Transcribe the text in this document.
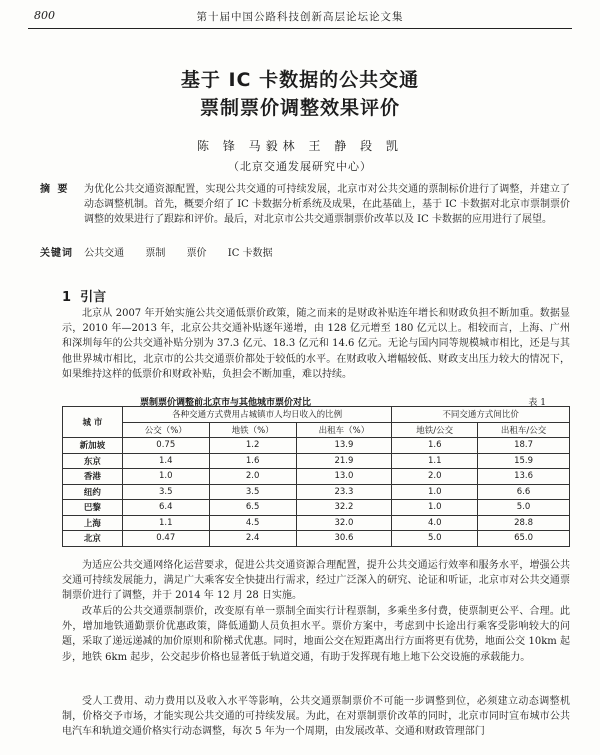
800	第十届中国公路科技创新高层论坛论文集
基于 IC 卡数据的公共交通
票制票价调整效果评价
陈 锋 马毅林 王 静 段 凯
（北京交通发展研究中心）
摘 要 为优化公共交通资源配置，实现公共交通的可持续发展，北京市对公共交通的票制标价进行了调整，并建立了动态调整机制。首先，概要介绍了 IC 卡数据分析系统及成果，在此基础上，基于 IC 卡数据对北京市票制票价调整的效果进行了跟踪和评价。最后，对北京市公共交通票制票价改革以及 IC 卡数据的应用进行了展望。
关键词 公共交通 票制 票价 IC 卡数据
1 引言
北京从 2007 年开始实施公共交通低票价政策，随之而来的是财政补贴连年增长和财政负担不断加重。数据显示，2010 年—2013 年，北京公共交通补贴逐年递增，由 128 亿元增至 180 亿元以上。相较而言，上海、广州和深圳每年的公共交通补贴分别为 37.3 亿元、18.3 亿元和 14.6 亿元。无论与国内同等规模城市相比，还是与其他世界城市相比，北京市的公共交通票价都处于较低的水平。在财政收入增幅较低、财政支出压力较大的情况下，如果维持这样的低票价和财政补贴，负担会不断加重，难以持续。
票制票价调整前北京市与其他城市票价对比	表 1
城 市	各种交通方式费用占城镇市人均日收入的比例			不同交通方式间比价	
	公交（%）	地铁（%）	出租车（%）	地铁/公交	出租车/公交
新加坡	0.75	1.2	13.9	1.6	18.7
东京	1.4	1.6	21.9	1.1	15.9
香港	1.0	2.0	13.0	2.0	13.6
纽约	3.5	3.5	23.3	1.0	6.6
巴黎	6.4	6.5	32.2	1.0	5.0
上海	1.1	4.5	32.0	4.0	28.8
北京	0.47	2.4	30.6	5.0	65.0
为适应公共交通网络化运营要求，促进公共交通资源合理配置，提升公共交通运行效率和服务水平，增强公共交通可持续发展能力，满足广大乘客安全快捷出行需求，经过广泛深入的研究、论证和听证，北京市对公共交通票制票价进行了调整，并于 2014 年 12 月 28 日实施。
改革后的公共交通票制票价，改变原有单一票制全面实行计程票制，多乘坐多付费，使票制更公平、合理。此外，增加地铁通勤票价优惠政策，降低通勤人员负担水平。票价方案中，考虑到中长途出行乘客受影响较大的问题，采取了递远递减的加价原则和阶梯式优惠。同时，地面公交在短距离出行方面将更有优势，地面公交 10km 起步，地铁 6km 起步，公交起步价格也显著低于轨道交通，有助于发挥现有地上地下公交设施的承载能力。
受人工费用、动力费用以及收入水平等影响，公共交通票制票价不可能一步调整到位，必须建立动态调整机制，价格交予市场，才能实现公共交通的可持续发展。为此，在对票制票价改革的同时，北京市同时宣布城市公共电汽车和轨道交通价格实行动态调整，每次 5 年为一个周期，由发展改革、交通和财政管理部门
